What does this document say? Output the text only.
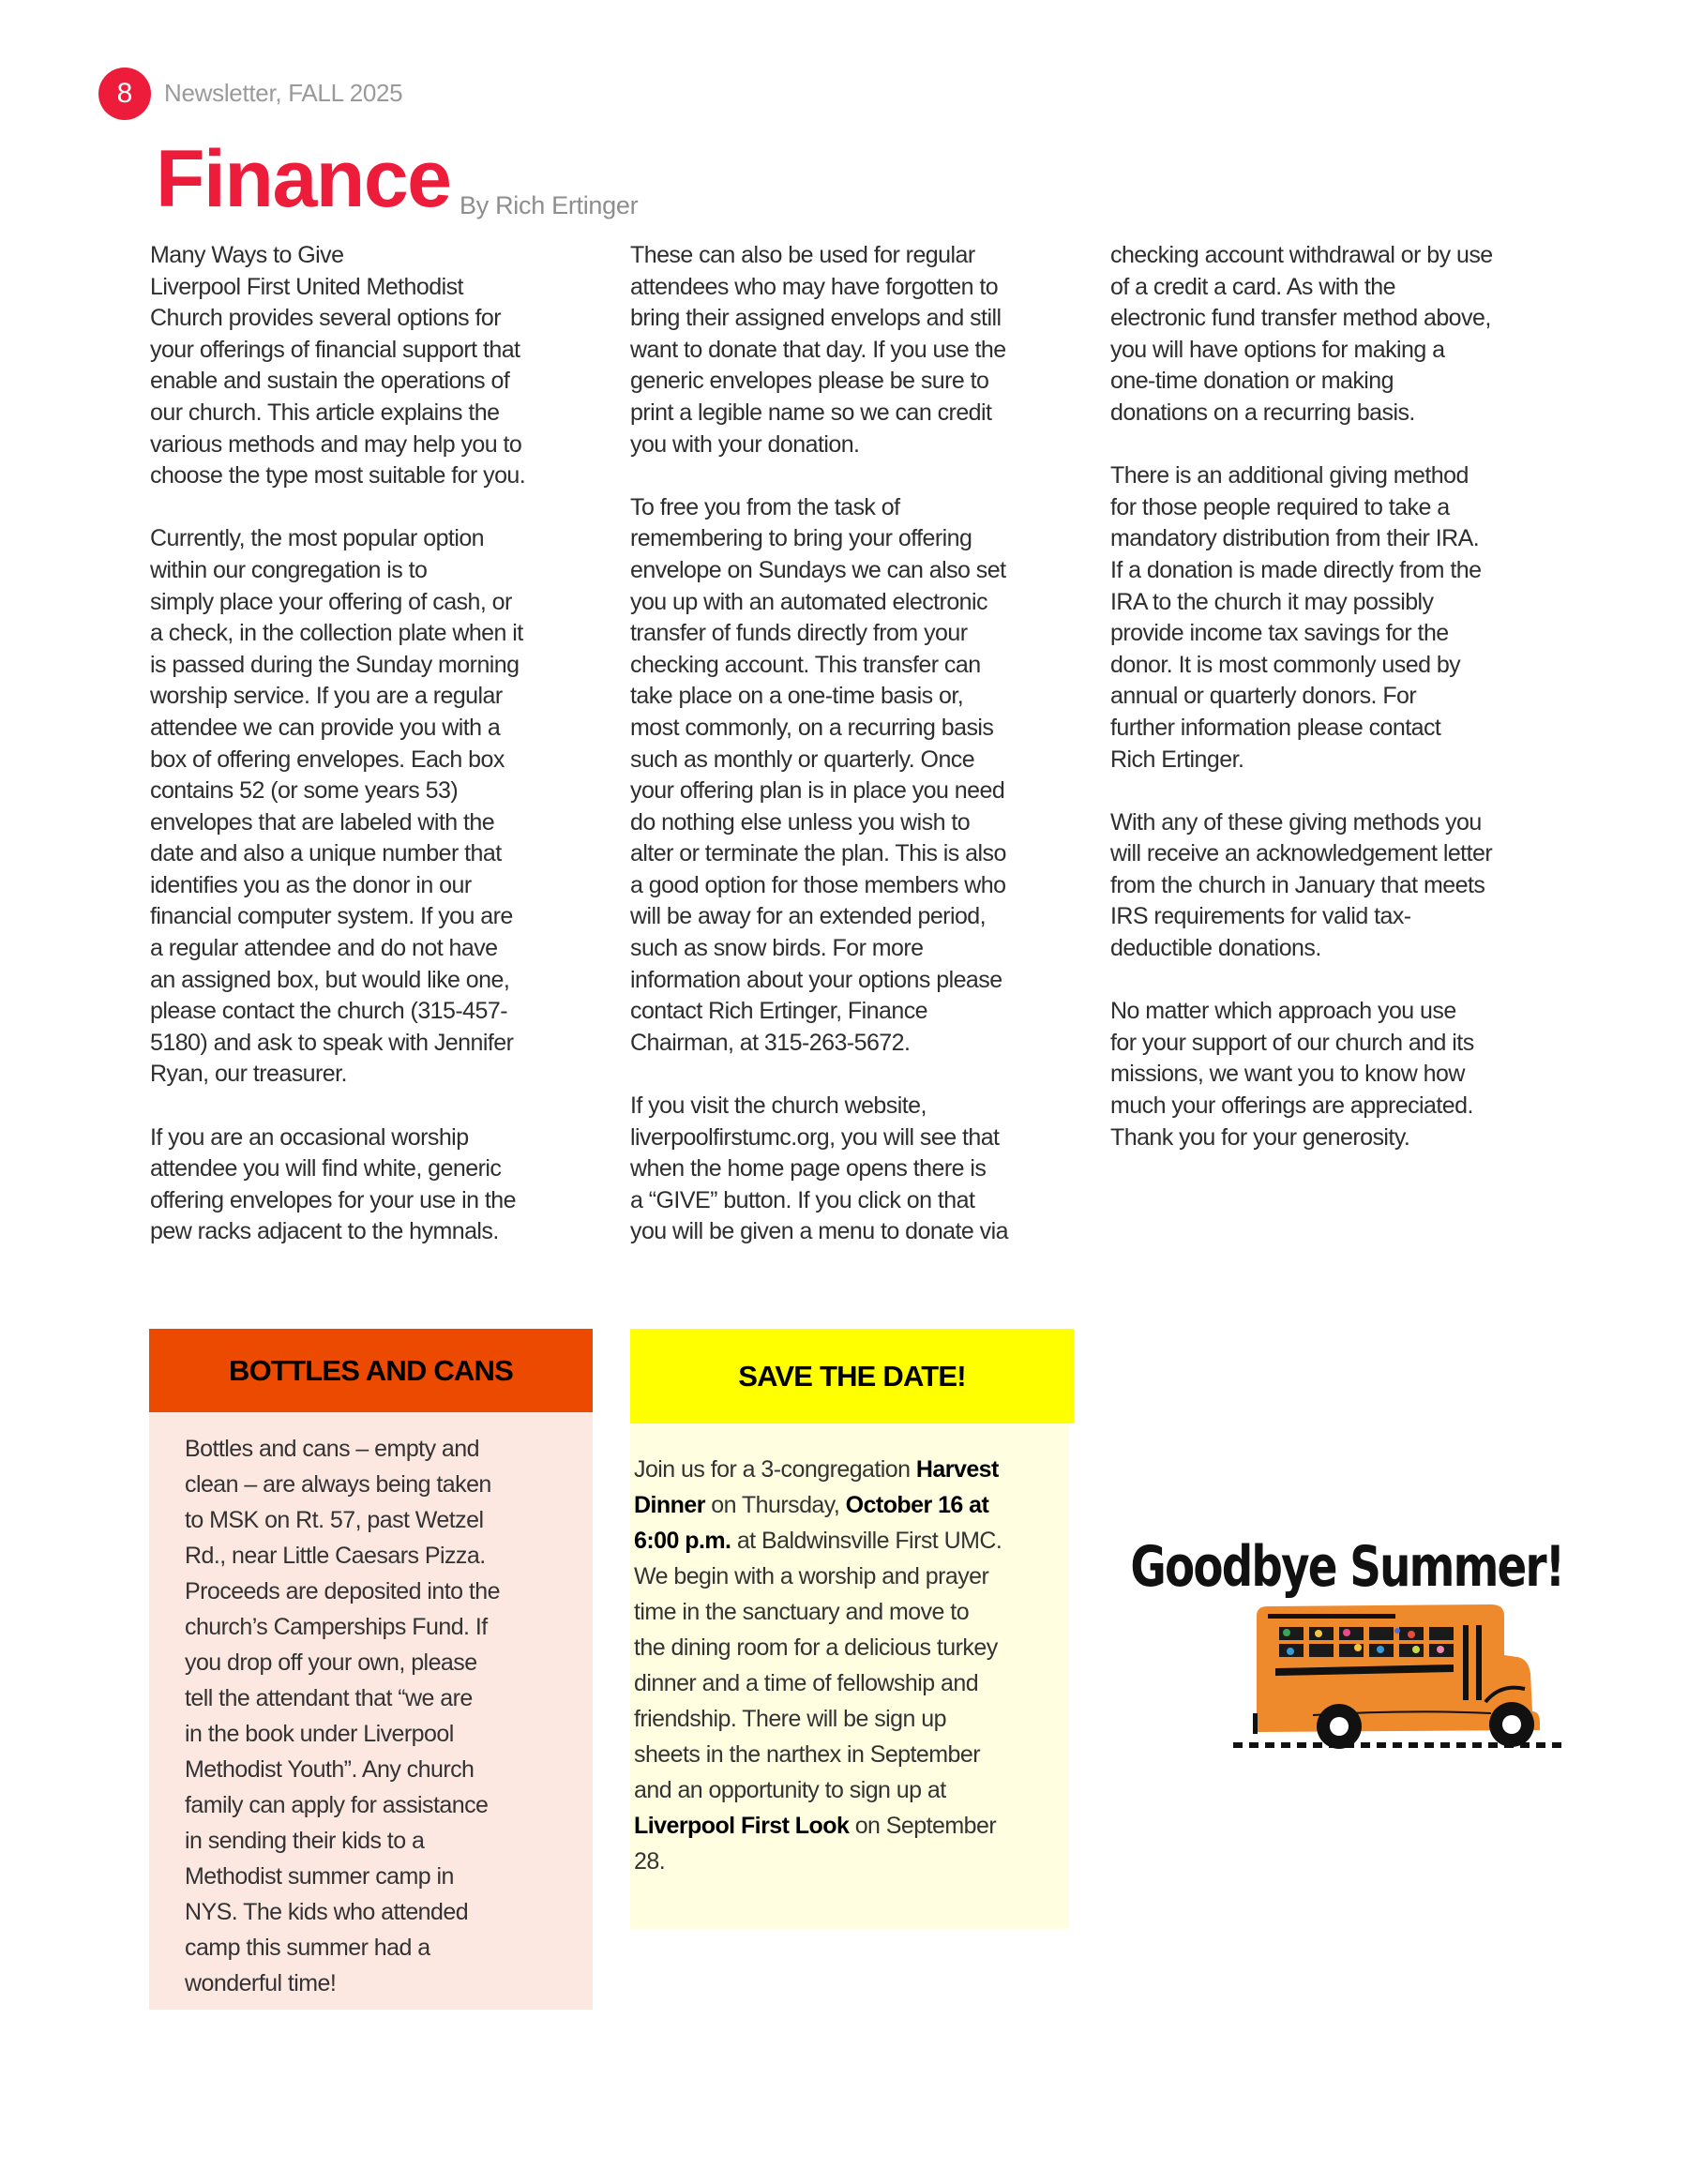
8	Newsletter, FALL 2025
Finance By Rich Ertinger
Many Ways to Give
Liverpool First United Methodist
Church provides several options for
your offerings of financial support that
enable and sustain the operations of
our church. This article explains the
various methods and may help you to
choose the type most suitable for you.
Currently, the most popular option
within our congregation is to
simply place your offering of cash, or
a check, in the collection plate when it
is passed during the Sunday morning
worship service. If you are a regular
attendee we can provide you with a
box of offering envelopes. Each box
contains 52 (or some years 53)
envelopes that are labeled with the
date and also a unique number that
identifies you as the donor in our
financial computer system. If you are
a regular attendee and do not have
an assigned box, but would like one,
please contact the church (315-457-
5180) and ask to speak with Jennifer
Ryan, our treasurer.
If you are an occasional worship
attendee you will find white, generic
offering envelopes for your use in the
pew racks adjacent to the hymnals.
These can also be used for regular
attendees who may have forgotten to
bring their assigned envelops and still
want to donate that day. If you use the
generic envelopes please be sure to
print a legible name so we can credit
you with your donation.
To free you from the task of
remembering to bring your offering
envelope on Sundays we can also set
you up with an automated electronic
transfer of funds directly from your
checking account. This transfer can
take place on a one-time basis or,
most commonly, on a recurring basis
such as monthly or quarterly. Once
your offering plan is in place you need
do nothing else unless you wish to
alter or terminate the plan. This is also
a good option for those members who
will be away for an extended period,
such as snow birds. For more
information about your options please
contact Rich Ertinger, Finance
Chairman, at 315-263-5672.
If you visit the church website,
liverpoolfirstumc.org, you will see that
when the home page opens there is
a “GIVE” button. If you click on that
you will be given a menu to donate via
checking account withdrawal or by use
of a credit a card. As with the
electronic fund transfer method above,
you will have options for making a
one-time donation or making
donations on a recurring basis.
There is an additional giving method
for those people required to take a
mandatory distribution from their IRA.
If a donation is made directly from the
IRA to the church it may possibly
provide income tax savings for the
donor. It is most commonly used by
annual or quarterly donors. For
further information please contact
Rich Ertinger.
With any of these giving methods you
will receive an acknowledgement letter
from the church in January that meets
IRS requirements for valid tax-
deductible donations.
No matter which approach you use
for your support of our church and its
missions, we want you to know how
much your offerings are appreciated.
Thank you for your generosity.
BOTTLES AND CANS
Bottles and cans – empty and
clean – are always being taken
to MSK on Rt. 57, past Wetzel
Rd., near Little Caesars Pizza.
Proceeds are deposited into the
church’s Camperships Fund. If
you drop off your own, please
tell the attendant that “we are
in the book under Liverpool
Methodist Youth”. Any church
family can apply for assistance
in sending their kids to a
Methodist summer camp in
NYS. The kids who attended
camp this summer had a
wonderful time!
SAVE THE DATE!
Join us for a 3-congregation Harvest
Dinner on Thursday, October 16 at
6:00 p.m. at Baldwinsville First UMC.
We begin with a worship and prayer
time in the sanctuary and move to
the dining room for a delicious turkey
dinner and a time of fellowship and
friendship. There will be sign up
sheets in the narthex in September
and an opportunity to sign up at
Liverpool First Look on September
28.
Goodbye Summer!
